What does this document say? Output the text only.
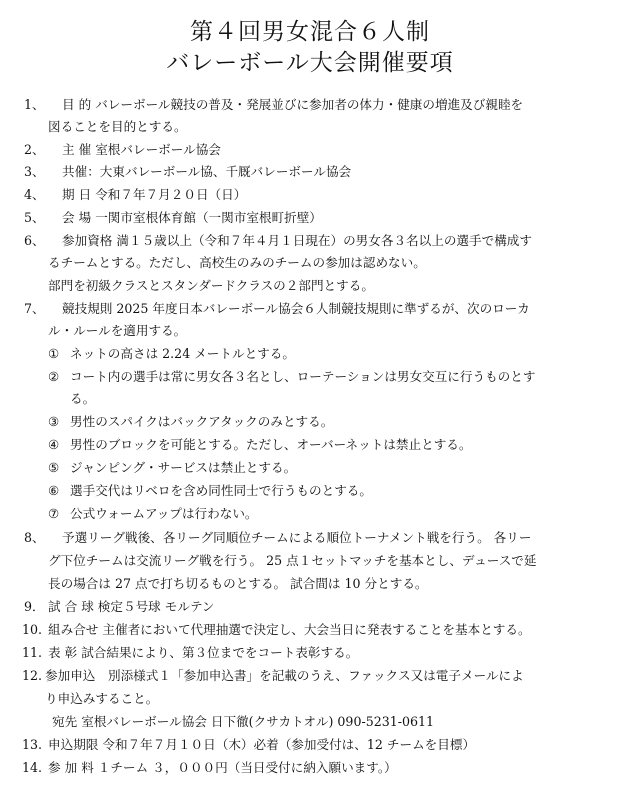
第４回男女混合６人制
バレーボール大会開催要項
1、 目 的 バレーボール競技の普及・発展並びに参加者の体力・健康の増進及び親睦を
図ることを目的とする。
2、 主 催 室根バレーボール協会
3、 共催：大東バレーボール協、千厩バレーボール協会
4、 期 日 令和７年７月２０日（日）
5、 会 場 一関市室根体育館（一関市室根町折壁）
6、 参加資格 満１５歳以上（令和７年４月１日現在）の男女各３名以上の選手で構成す
るチームとする。ただし、高校生のみのチームの参加は認めない。
部門を初級クラスとスタンダードクラスの２部門とする。
7、 競技規則 2025 年度日本バレーボール協会６人制競技規則に準ずるが、次のローカ
ル・ルールを適用する。
① ネットの高さは 2.24 メートルとする。
② コート内の選手は常に男女各３名とし、ローテーションは男女交互に行うものとす
る。
③ 男性のスパイクはバックアタックのみとする。
④ 男性のブロックを可能とする。ただし、オーバーネットは禁止とする。
⑤ ジャンピング・サービスは禁止とする。
⑥ 選手交代はリベロを含め同性同士で行うものとする。
⑦ 公式ウォームアップは行わない。
8、 予選リーグ戦後、各リーグ同順位チームによる順位トーナメント戦を行う。 各リー
グ下位チームは交流リーグ戦を行う。 25 点１セットマッチを基本とし、デュースで延
長の場合は 27 点で打ち切るものとする。 試合間は 10 分とする。
9． 試 合 球 検定５号球 モルテン
10. 組み合せ 主催者において代理抽選で決定し、大会当日に発表することを基本とする。
11. 表 彰 試合結果により、第３位までをコート表彰する。
12. 参加申込　別添様式１「参加申込書」を記載のうえ、ファックス又は電子メールによ
り申込みすること。
宛先 室根バレーボール協会 日下徹(クサカトオル) 090‐5231‐0611
13. 申込期限 令和７年７月１０日（木）必着（参加受付は、12 チームを目標）
14. 参 加 料 １チーム ３，０００円（当日受付に納入願います。）
